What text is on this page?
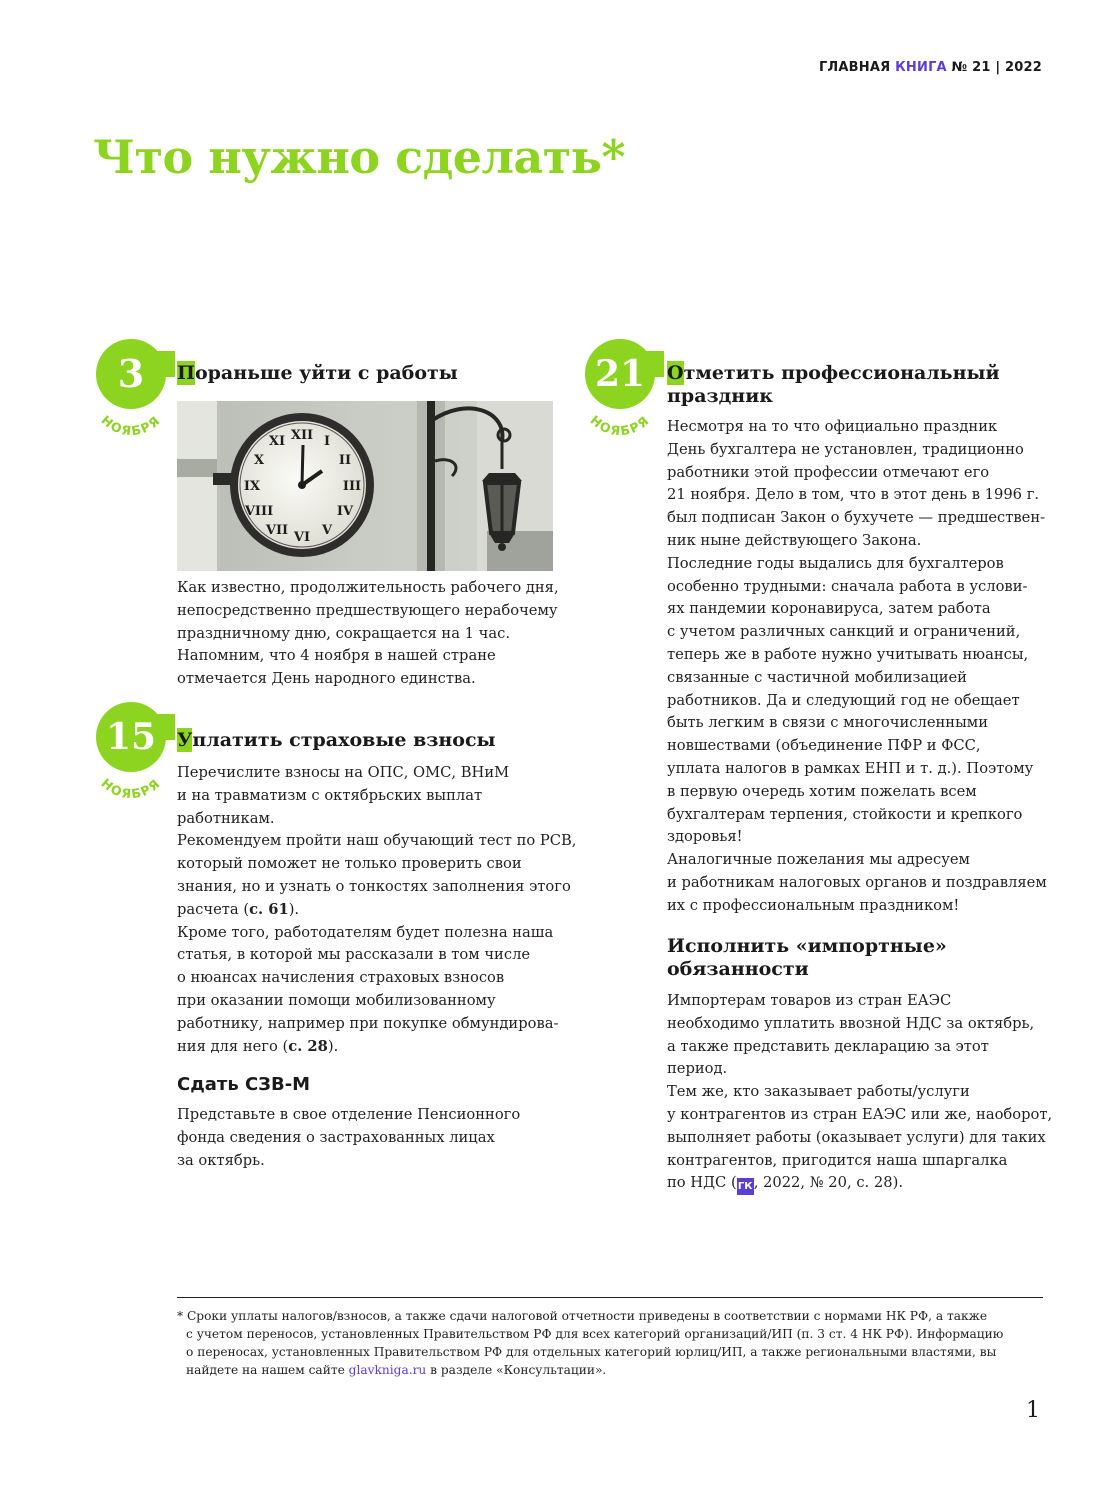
ГЛАВНАЯ КНИГА № 21 | 2022
Что нужно сделать*
3
НОЯБРЯ
Пораньше уйти с работы
XII I
II
III
IV
V
VI
VII
VIII
IX
X
XI

Как известно, продолжительность рабочего дня,

непосредственно предшествующего нерабочему

праздничному дню, сокращается на 1 час.

Напомним, что 4 ноября в нашей стране

отмечается День народного единства.

15
НОЯБРЯ
Уплатить страховые взносы

Перечислите взносы на ОПС, ОМС, ВНиМ

и на травматизм с октябрьских выплат

работникам.

Рекомендуем пройти наш обучающий тест по РСВ,

который поможет не только проверить свои

знания, но и узнать о тонкостях заполнения этого

расчета (с. 61).

Кроме того, работодателям будет полезна наша

статья, в которой мы рассказали в том числе

о нюансах начисления страховых взносов

при оказании помощи мобилизованному

работнику, например при покупке обмундирова-

ния для него (с. 28).

Сдать СЗВ-М

Представьте в свое отделение Пенсионного

фонда сведения о застрахованных лицах

за октябрь.

21
НОЯБРЯ
Отметить профессиональный
праздник

Несмотря на то что официально праздник

День бухгалтера не установлен, традиционно

работники этой профессии отмечают его

21 ноября. Дело в том, что в этот день в 1996 г.

был подписан Закон о бухучете — предшествен-

ник ныне действующего Закона.

Последние годы выдались для бухгалтеров

особенно трудными: сначала работа в услови-

ях пандемии коронавируса, затем работа

с учетом различных санкций и ограничений,

теперь же в работе нужно учитывать нюансы,

связанные с частичной мобилизацией

работников. Да и следующий год не обещает

быть легким в связи с многочисленными

новшествами (объединение ПФР и ФСС,

уплата налогов в рамках ЕНП и т. д.). Поэтому

в первую очередь хотим пожелать всем

бухгалтерам терпения, стойкости и крепкого

здоровья!

Аналогичные пожелания мы адресуем

и работникам налоговых органов и поздравляем

их с профессиональным праздником!

Исполнить «импортные»
обязанности

Импортерам товаров из стран ЕАЭС

необходимо уплатить ввозной НДС за октябрь,

а также представить декларацию за этот

период.

Тем же, кто заказывает работы/услуги

у контрагентов из стран ЕАЭС или же, наоборот,

выполняет работы (оказывает услуги) для таких

контрагентов, пригодится наша шпаргалка

по НДС (ГК, 2022, № 20, с. 28).

* Сроки уплаты налогов/взносов, а также сдачи налоговой отчетности приведены в соответствии с нормами НК РФ, а также

с учетом переносов, установленных Правительством РФ для всех категорий организаций/ИП (п. 3 ст. 4 НК РФ). Информацию

о переносах, установленных Правительством РФ для отдельных категорий юрлиц/ИП, а также региональными властями, вы

найдете на нашем сайте glavkniga.ru в разделе «Консультации».

1
